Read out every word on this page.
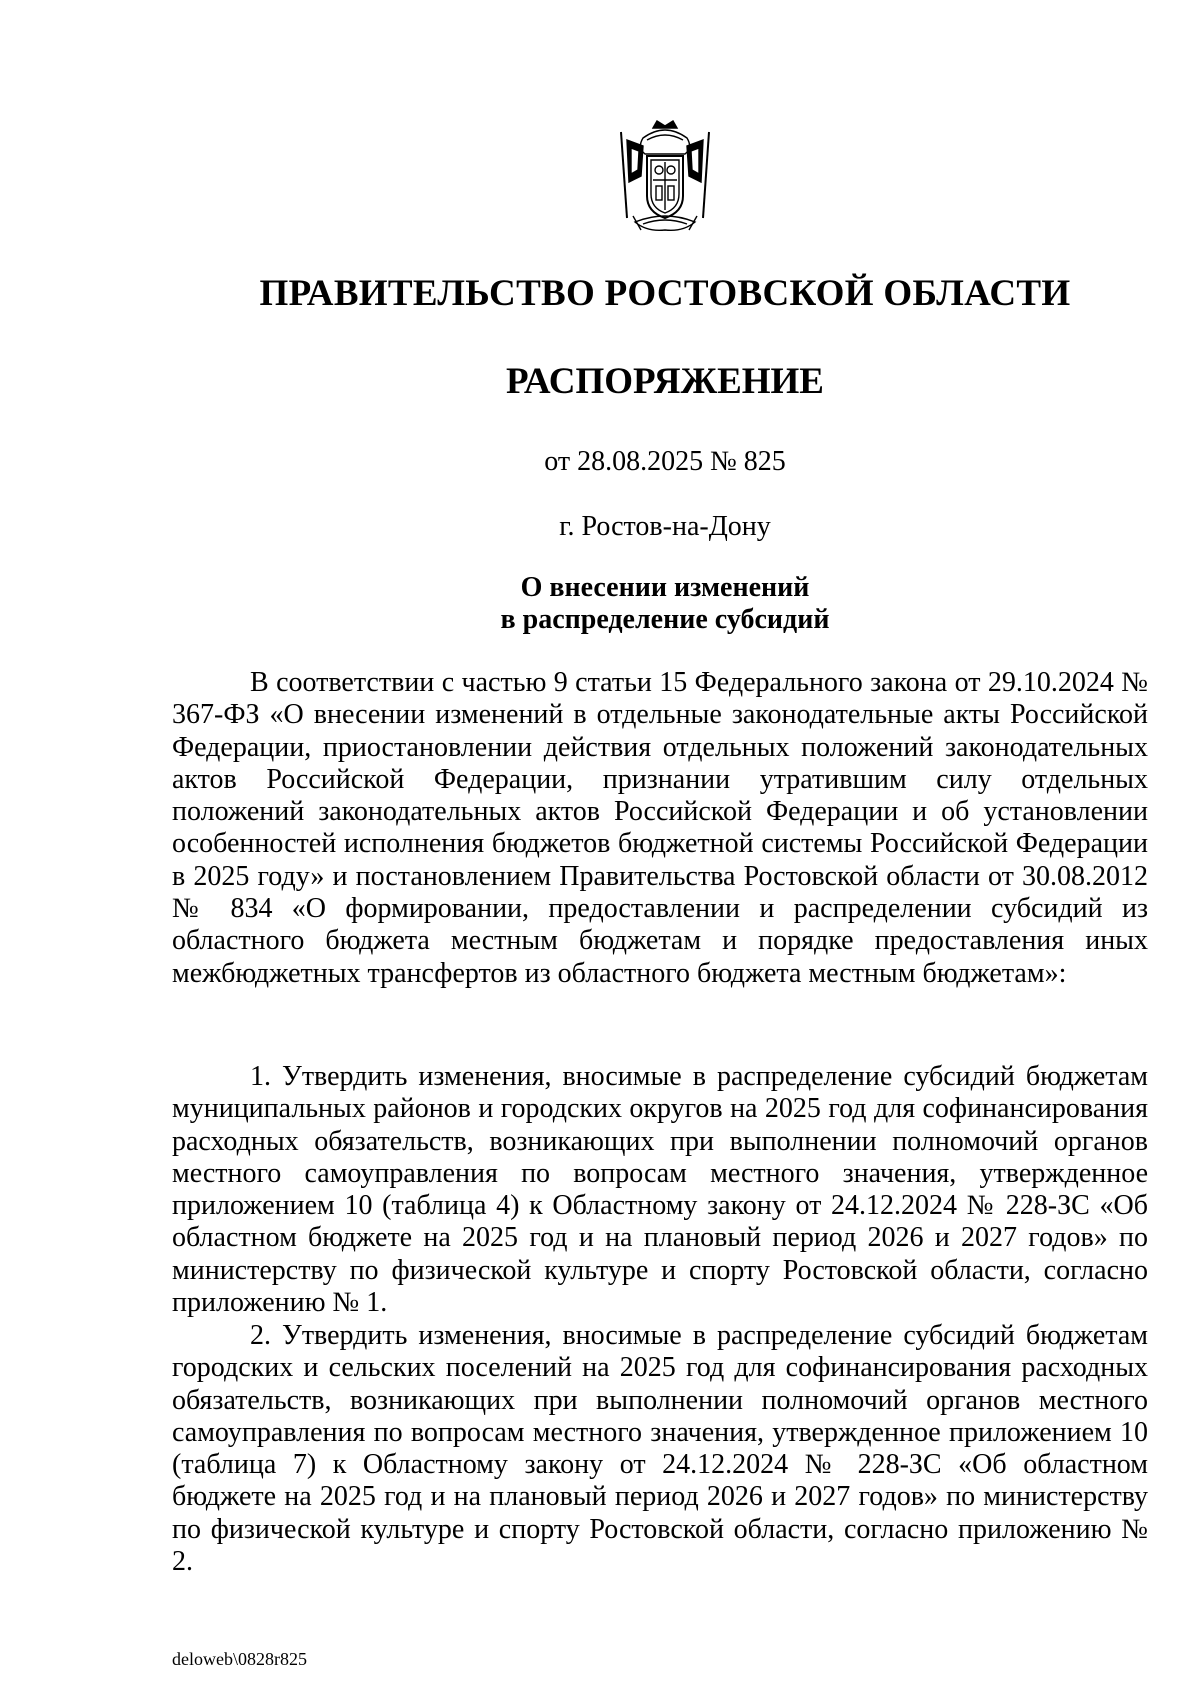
ПРАВИТЕЛЬСТВО РОСТОВСКОЙ ОБЛАСТИ
РАСПОРЯЖЕНИЕ
от 28.08.2025 № 825
г. Ростов-на-Дону
О внесении изменений
в распределение субсидий
В соответствии с частью 9 статьи 15 Федерального закона от 29.10.2024 № 367-ФЗ «О внесении изменений в отдельные законодательные акты Российской Федерации, приостановлении действия отдельных положений законодательных актов Российской Федерации, признании утратившим силу отдельных положений законодательных актов Российской Федерации и об установлении особенностей исполнения бюджетов бюджетной системы Российской Федерации в 2025 году» и постановлением Правительства Ростовской области от 30.08.2012 № 834 «О формировании, предоставлении и распределении субсидий из областного бюджета местным бюджетам и порядке предоставления иных межбюджетных трансфертов из областного бюджета местным бюджетам»:
1. Утвердить изменения, вносимые в распределение субсидий бюджетам муниципальных районов и городских округов на 2025 год для софинансирования расходных обязательств, возникающих при выполнении полномочий органов местного самоуправления по вопросам местного значения, утвержденное приложением 10 (таблица 4) к Областному закону от 24.12.2024 № 228-ЗС «Об областном бюджете на 2025 год и на плановый период 2026 и 2027 годов» по министерству по физической культуре и спорту Ростовской области, согласно приложению № 1.
2. Утвердить изменения, вносимые в распределение субсидий бюджетам городских и сельских поселений на 2025 год для софинансирования расходных обязательств, возникающих при выполнении полномочий органов местного самоуправления по вопросам местного значения, утвержденное приложением 10 (таблица 7) к Областному закону от 24.12.2024 № 228-ЗС «Об областном бюджете на 2025 год и на плановый период 2026 и 2027 годов» по министерству по физической культуре и спорту Ростовской области, согласно приложению № 2.
deloweb\0828r825
